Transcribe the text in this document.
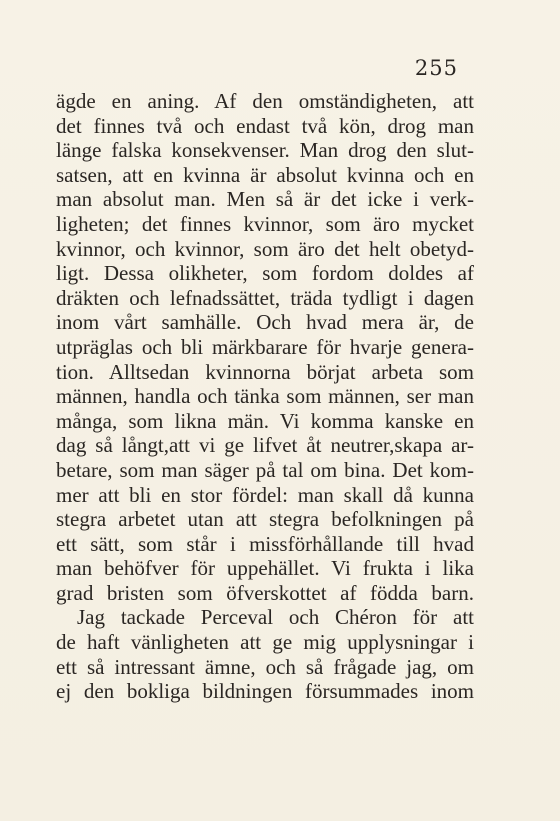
255
ägde en aning. Af den omständigheten, att
det finnes två och endast två kön, drog man
länge falska konsekvenser. Man drog den slut-
satsen, att en kvinna är absolut kvinna och en
man absolut man. Men så är det icke i verk-
ligheten; det finnes kvinnor, som äro mycket
kvinnor, och kvinnor, som äro det helt obetyd-
ligt. Dessa olikheter, som fordom doldes af
dräkten och lefnadssättet, träda tydligt i dagen
inom vårt samhälle. Och hvad mera är, de
utpräglas och bli märkbarare för hvarje genera-
tion. Alltsedan kvinnorna börjat arbeta som
männen, handla och tänka som männen, ser man
många, som likna män. Vi komma kanske en
dag så långt,att vi ge lifvet åt neutrer,skapa ar-
betare, som man säger på tal om bina. Det kom-
mer att bli en stor fördel: man skall då kunna
stegra arbetet utan att stegra befolkningen på
ett sätt, som står i missförhållande till hvad
man behöfver för uppehället. Vi frukta i lika
grad bristen som öfverskottet af födda barn.
Jag tackade Perceval och Chéron för att
de haft vänligheten att ge mig upplysningar i
ett så intressant ämne, och så frågade jag, om
ej den bokliga bildningen försummades inom
